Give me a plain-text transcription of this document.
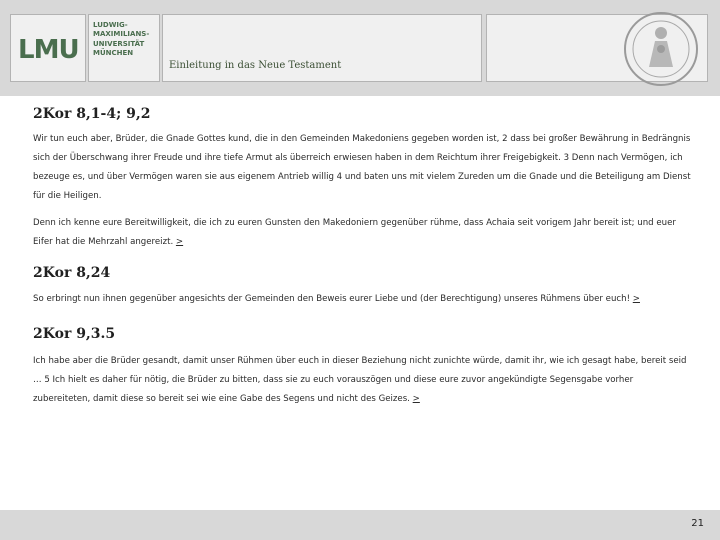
LMU
LUDWIG-
MAXIMILIANS-
UNIVERSITÄT
MÜNCHEN
Einleitung in das Neue Testament
2Kor 8,1-4; 9,2

Wir tun euch aber, Brüder, die Gnade Gottes kund, die in den Gemeinden Makedoniens gegeben worden ist, 2 dass bei großer Bewährung in Bedrängnis sich der Überschwang ihrer Freude und ihre tiefe Armut als überreich erwiesen haben in dem Reichtum ihrer Freigebigkeit. 3 Denn nach Vermögen, ich bezeuge es, und über Vermögen waren sie aus eigenem Antrieb willig 4 und baten uns mit vielem Zureden um die Gnade und die Beteiligung am Dienst für die Heiligen.

Denn ich kenne eure Bereitwilligkeit, die ich zu euren Gunsten den Makedoniern gegenüber rühme, dass Achaia seit vorigem Jahr bereit ist; und euer Eifer hat die Mehrzahl angereizt. >

2Kor 8,24

So erbringt nun ihnen gegenüber angesichts der Gemeinden den Beweis eurer Liebe und (der Berechtigung) unseres Rühmens über euch! >

2Kor 9,3.5

Ich habe aber die Brüder gesandt, damit unser Rühmen über euch in dieser Beziehung nicht zunichte würde, damit ihr, wie ich gesagt habe, bereit seid … 5 Ich hielt es daher für nötig, die Brüder zu bitten, dass sie zu euch vorauszögen und diese eure zuvor angekündigte Segensgabe vorher zubereiteten, damit diese so bereit sei wie eine Gabe des Segens und nicht des Geizes. >

21
